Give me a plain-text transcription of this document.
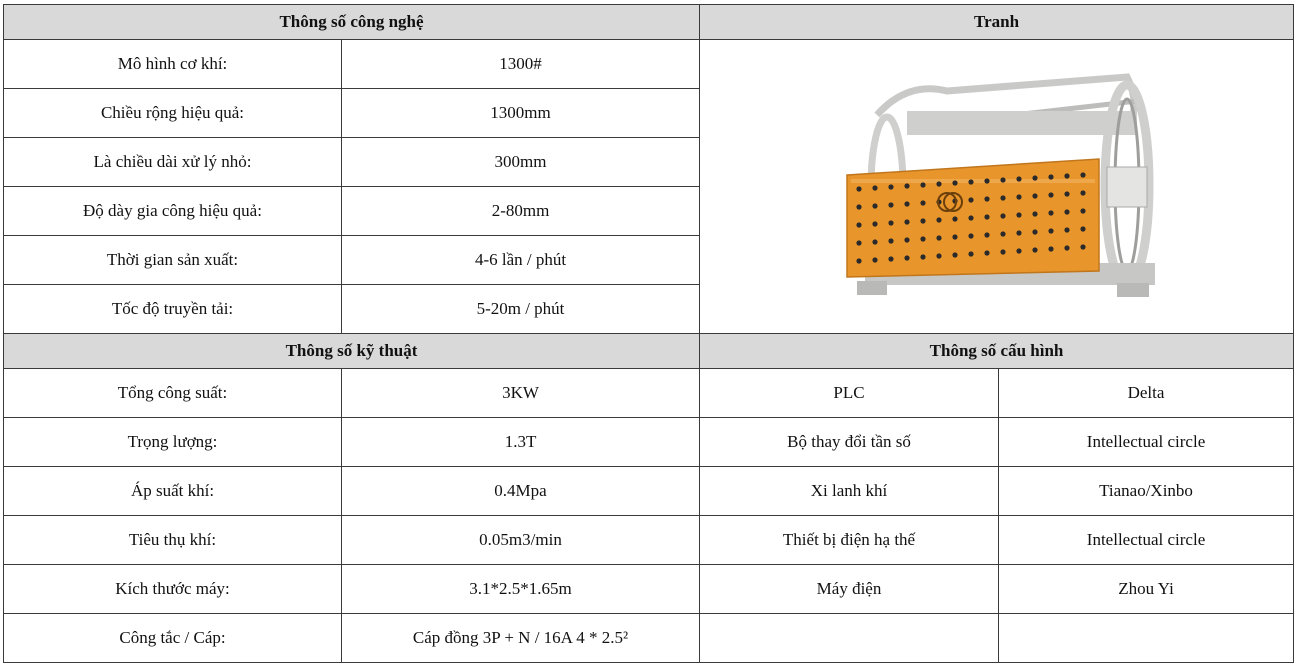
Thông số công nghệ		Tranh	
Mô hình cơ khí:	1300#	

Chiều rộng hiệu quả:	1300mm		
Là chiều dài xử lý nhỏ:	300mm		
Độ dày gia công hiệu quả:	2-80mm		
Thời gian sản xuất:	4-6 lần / phút		
Tốc độ truyền tải:	5-20m / phút		
Thông số kỹ thuật		Thông số cấu hình	
Tổng công suất:	3KW	PLC	Delta
Trọng lượng:	1.3T	Bộ thay đổi tần số	Intellectual circle
Áp suất khí:	0.4Mpa	Xi lanh khí	Tianao/Xinbo
Tiêu thụ khí:	0.05m3/min	Thiết bị điện hạ thế	Intellectual circle
Kích thước máy:	3.1*2.5*1.65m	Máy điện	Zhou Yi
Công tắc / Cáp:	Cáp đồng 3P + N / 16A 4 * 2.5²		
